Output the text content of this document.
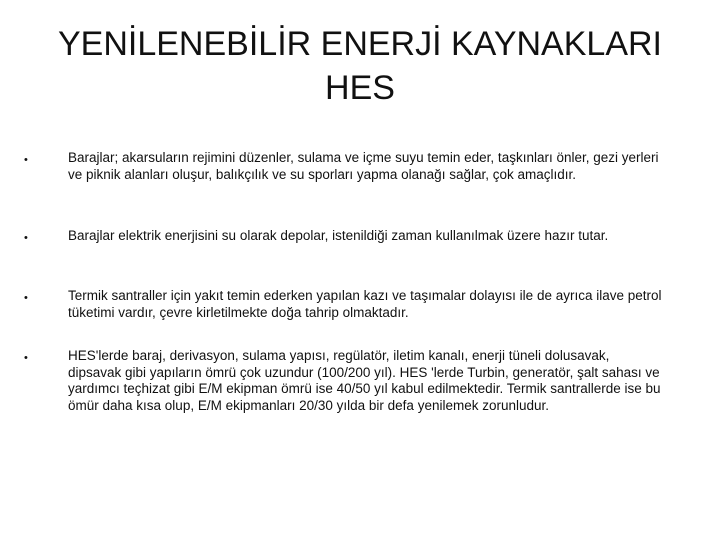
YENİLENEBİLİR ENERJİ KAYNAKLARI
HES
•	Barajlar; akarsuların rejimini düzenler, sulama ve içme suyu temin eder, taşkınları önler, gezi yerleri ve piknik alanları oluşur, balıkçılık ve su sporları yapma olanağı sağlar, çok amaçlıdır.

•	Barajlar elektrik enerjisini su olarak depolar, istenildiği zaman kullanılmak üzere hazır tutar.

•	Termik santraller için yakıt temin ederken yapılan kazı ve taşımalar dolayısı ile de ayrıca ilave petrol tüketimi vardır, çevre kirletilmekte doğa tahrip olmaktadır.

•	HES'lerde baraj, derivasyon, sulama yapısı, regülatör, iletim kanalı, enerji tüneli dolusavak, dipsavak gibi yapıların ömrü çok uzundur (100/200 yıl). HES 'lerde Turbin, generatör, şalt sahası ve yardımcı teçhizat gibi E/M ekipman ömrü ise 40/50 yıl kabul edilmektedir. Termik santrallerde ise bu ömür daha kısa olup, E/M ekipmanları 20/30 yılda bir defa yenilemek zorunludur.
